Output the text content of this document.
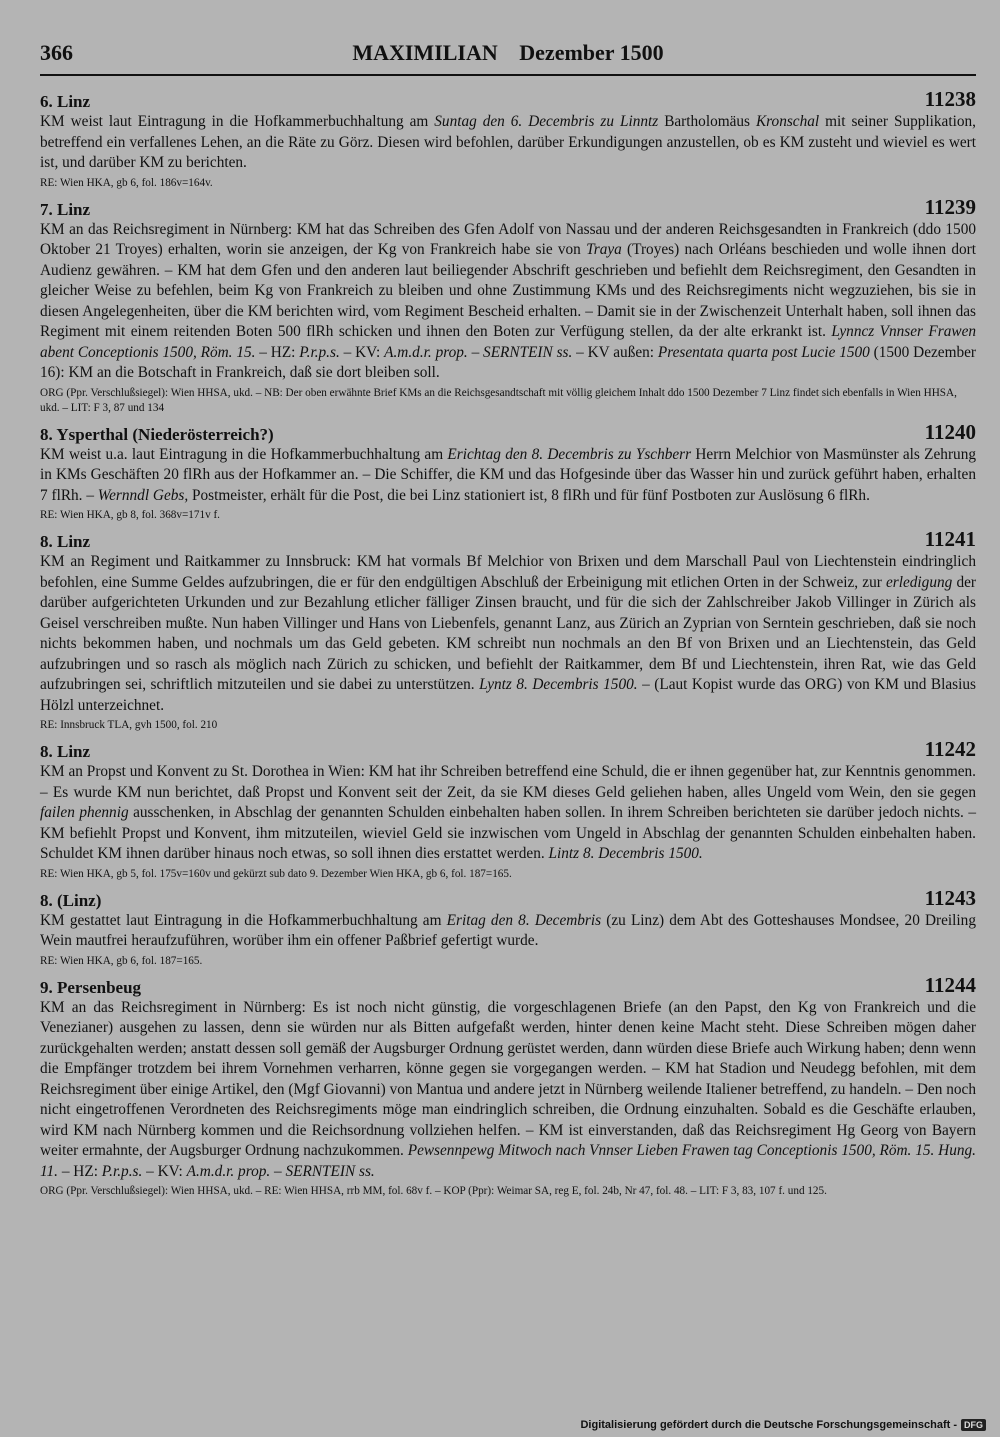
366	MAXIMILIAN Dezember 1500
6. Linz	11238

KM weist laut Eintragung in die Hofkammerbuchhaltung am Suntag den 6. Decembris zu Linntz Bartholomäus Kronschal mit seiner Supplikation, betreffend ein verfallenes Lehen, an die Räte zu Görz. Diesen wird befohlen, darüber Erkundigungen anzustellen, ob es KM zusteht und wieviel es wert ist, und darüber KM zu berichten.

RE: Wien HKA, gb 6, fol. 186v=164v.
7. Linz	11239

KM an das Reichsregiment in Nürnberg: KM hat das Schreiben des Gfen Adolf von Nassau und der anderen Reichsgesandten in Frankreich (ddo 1500 Oktober 21 Troyes) erhalten, worin sie anzeigen, der Kg von Frankreich habe sie von Traya (Troyes) nach Orléans beschieden und wolle ihnen dort Audienz gewähren. – KM hat dem Gfen und den anderen laut beiliegender Abschrift geschrieben und befiehlt dem Reichsregiment, den Gesandten in gleicher Weise zu befehlen, beim Kg von Frankreich zu bleiben und ohne Zustimmung KMs und des Reichsregiments nicht wegzuziehen, bis sie in diesen Angelegenheiten, über die KM berichten wird, vom Regiment Bescheid erhalten. – Damit sie in der Zwischenzeit Unterhalt haben, soll ihnen das Regiment mit einem reitenden Boten 500 flRh schicken und ihnen den Boten zur Verfügung stellen, da der alte erkrankt ist. Lynncz Vnnser Frawen abent Conceptionis 1500, Röm. 15. – HZ: P.r.p.s. – KV: A.m.d.r. prop. – SERNTEIN ss. – KV außen: Presentata quarta post Lucie 1500 (1500 Dezember 16): KM an die Botschaft in Frankreich, daß sie dort bleiben soll.

ORG (Ppr. Verschlußsiegel): Wien HHSA, ukd. – NB: Der oben erwähnte Brief KMs an die Reichsgesandtschaft mit völlig gleichem Inhalt ddo 1500 Dezember 7 Linz findet sich ebenfalls in Wien HHSA, ukd. – LIT: F 3, 87 und 134
8. Ysperthal (Niederösterreich?)	11240

KM weist u.a. laut Eintragung in die Hofkammerbuchhaltung am Erichtag den 8. Decembris zu Yschberr Herrn Melchior von Masmünster als Zehrung in KMs Geschäften 20 flRh aus der Hofkammer an. – Die Schiffer, die KM und das Hofgesinde über das Wasser hin und zurück geführt haben, erhalten 7 flRh. – Wernndl Gebs, Postmeister, erhält für die Post, die bei Linz stationiert ist, 8 flRh und für fünf Postboten zur Auslösung 6 flRh.

RE: Wien HKA, gb 8, fol. 368v=171v f.
8. Linz	11241

KM an Regiment und Raitkammer zu Innsbruck: KM hat vormals Bf Melchior von Brixen und dem Marschall Paul von Liechtenstein eindringlich befohlen, eine Summe Geldes aufzubringen, die er für den endgültigen Abschluß der Erbeinigung mit etlichen Orten in der Schweiz, zur erledigung der darüber aufgerichteten Urkunden und zur Bezahlung etlicher fälliger Zinsen braucht, und für die sich der Zahlschreiber Jakob Villinger in Zürich als Geisel verschreiben mußte. Nun haben Villinger und Hans von Liebenfels, genannt Lanz, aus Zürich an Zyprian von Serntein geschrieben, daß sie noch nichts bekommen haben, und nochmals um das Geld gebeten. KM schreibt nun nochmals an den Bf von Brixen und an Liechtenstein, das Geld aufzubringen und so rasch als möglich nach Zürich zu schicken, und befiehlt der Raitkammer, dem Bf und Liechtenstein, ihren Rat, wie das Geld aufzubringen sei, schriftlich mitzuteilen und sie dabei zu unterstützen. Lyntz 8. Decembris 1500. – (Laut Kopist wurde das ORG) von KM und Blasius Hölzl unterzeichnet.

RE: Innsbruck TLA, gvh 1500, fol. 210
8. Linz	11242

KM an Propst und Konvent zu St. Dorothea in Wien: KM hat ihr Schreiben betreffend eine Schuld, die er ihnen gegenüber hat, zur Kenntnis genommen. – Es wurde KM nun berichtet, daß Propst und Konvent seit der Zeit, da sie KM dieses Geld geliehen haben, alles Ungeld vom Wein, den sie gegen failen phennig ausschenken, in Abschlag der genannten Schulden einbehalten haben sollen. In ihrem Schreiben berichteten sie darüber jedoch nichts. – KM befiehlt Propst und Konvent, ihm mitzuteilen, wieviel Geld sie inzwischen vom Ungeld in Abschlag der genannten Schulden einbehalten haben. Schuldet KM ihnen darüber hinaus noch etwas, so soll ihnen dies erstattet werden. Lintz 8. Decembris 1500.

RE: Wien HKA, gb 5, fol. 175v=160v und gekürzt sub dato 9. Dezember Wien HKA, gb 6, fol. 187=165.
8. (Linz)	11243

KM gestattet laut Eintragung in die Hofkammerbuchhaltung am Eritag den 8. Decembris (zu Linz) dem Abt des Gotteshauses Mondsee, 20 Dreiling Wein mautfrei heraufzuführen, worüber ihm ein offener Paßbrief gefertigt wurde.

RE: Wien HKA, gb 6, fol. 187=165.
9. Persenbeug	11244

KM an das Reichsregiment in Nürnberg: Es ist noch nicht günstig, die vorgeschlagenen Briefe (an den Papst, den Kg von Frankreich und die Venezianer) ausgehen zu lassen, denn sie würden nur als Bitten aufgefaßt werden, hinter denen keine Macht steht. Diese Schreiben mögen daher zurückgehalten werden; anstatt dessen soll gemäß der Augsburger Ordnung gerüstet werden, dann würden diese Briefe auch Wirkung haben; denn wenn die Empfänger trotzdem bei ihrem Vornehmen verharren, könne gegen sie vorgegangen werden. – KM hat Stadion und Neudegg befohlen, mit dem Reichsregiment über einige Artikel, den (Mgf Giovanni) von Mantua und andere jetzt in Nürnberg weilende Italiener betreffend, zu handeln. – Den noch nicht eingetroffenen Verordneten des Reichsregiments möge man eindringlich schreiben, die Ordnung einzuhalten. Sobald es die Geschäfte erlauben, wird KM nach Nürnberg kommen und die Reichsordnung vollziehen helfen. – KM ist einverstanden, daß das Reichsregiment Hg Georg von Bayern weiter ermahnte, der Augsburger Ordnung nachzukommen. Pewsennpewg Mitwoch nach Vnnser Lieben Frawen tag Conceptionis 1500, Röm. 15. Hung. 11. – HZ: P.r.p.s. – KV: A.m.d.r. prop. – SERNTEIN ss.

ORG (Ppr. Verschlußsiegel): Wien HHSA, ukd. – RE: Wien HHSA, rrb MM, fol. 68v f. – KOP (Ppr): Weimar SA, reg E, fol. 24b, Nr 47, fol. 48. – LIT: F 3, 83, 107 f. und 125.
Digitalisierung gefördert durch die Deutsche Forschungsgemeinschaft - DFG
